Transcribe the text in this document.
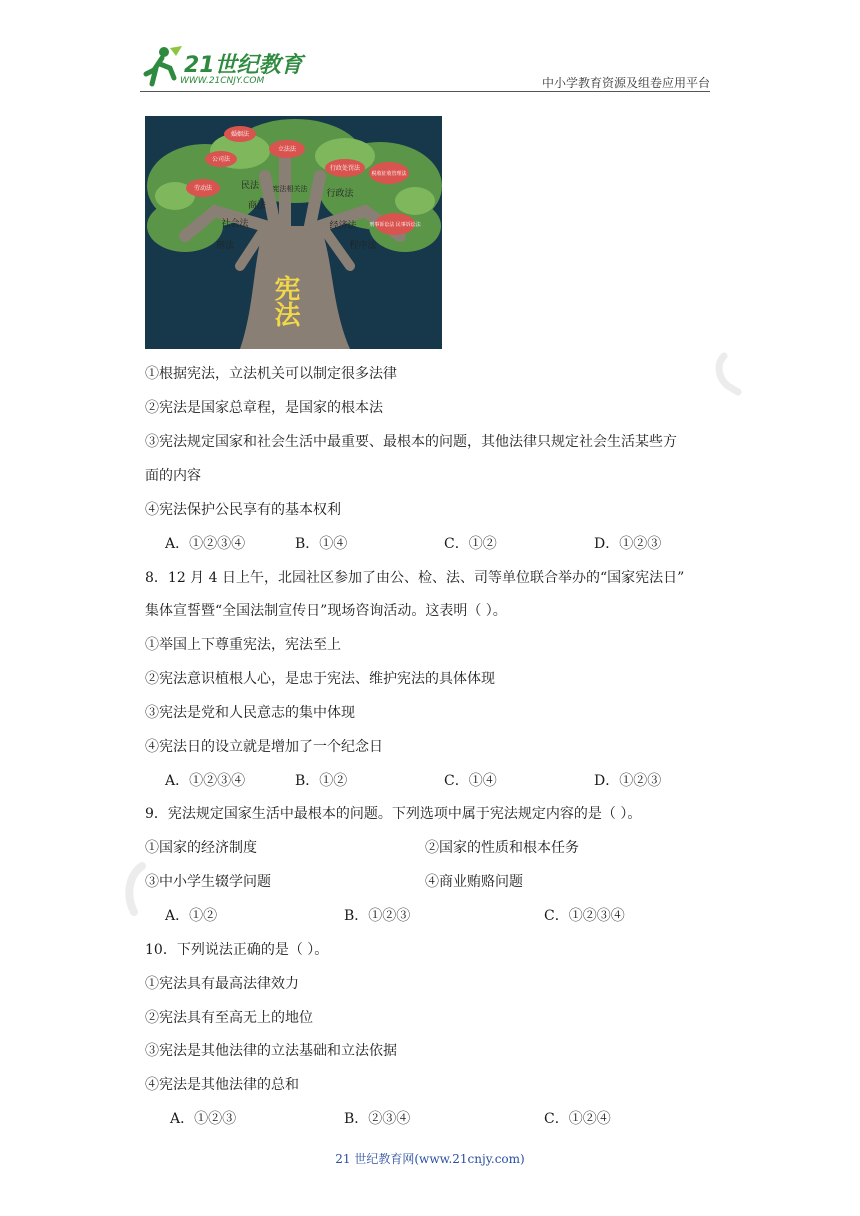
21世纪教育
WWW.21CNJY.COM	中小学教育资源及组卷应用平台
宪法
婚姻法
公司法
立法法
劳动法
行政处罚法
税收征收管理法
刑事诉讼法 民事诉讼法
民法
商法
宪法相关法 行政法
经济法
社会法
刑法	程序法
①根据宪法，立法机关可以制定很多法律
②宪法是国家总章程，是国家的根本法
③宪法规定国家和社会生活中最重要、最根本的问题，其他法律只规定社会生活某些方
面的内容
④宪法保护公民享有的基本权利
A．①②③④	B．①④	C．①②	D．①②③
8．12 月 4 日上午，北园社区参加了由公、检、法、司等单位联合举办的“国家宪法日”
集体宣誓暨“全国法制宣传日”现场咨询活动。这表明（ ）。
①举国上下尊重宪法，宪法至上
②宪法意识植根人心，是忠于宪法、维护宪法的具体体现
③宪法是党和人民意志的集中体现
④宪法日的设立就是增加了一个纪念日
A．①②③④	B．①②	C．①④	D．①②③
9．宪法规定国家生活中最根本的问题。下列选项中属于宪法规定内容的是（ ）。
①国家的经济制度	②国家的性质和根本任务
③中小学生辍学问题	④商业贿赂问题
A．①②	B．①②③	C．①②③④
10．下列说法正确的是（ ）。
①宪法具有最高法律效力
②宪法具有至高无上的地位
③宪法是其他法律的立法基础和立法依据
④宪法是其他法律的总和
A．①②③	B．②③④	C．①②④
21 世纪教育网(www.21cnjy.com)
